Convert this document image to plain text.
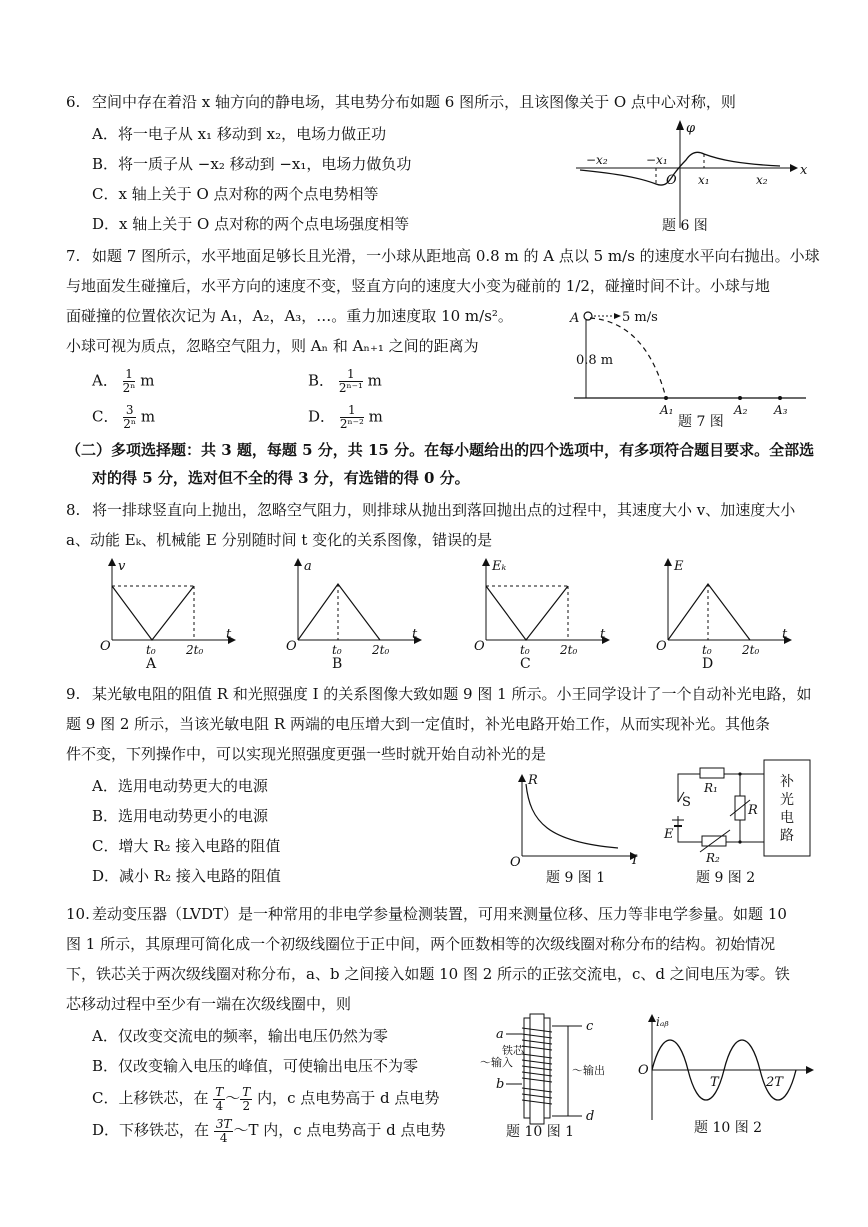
6. 空间中存在着沿 x 轴方向的静电场，其电势分布如题 6 图所示，且该图像关于 O 点中心对称，则
A．将一电子从 x₁ 移动到 x₂，电场力做正功
B．将一质子从 −x₂ 移动到 −x₁，电场力做负功
C．x 轴上关于 O 点对称的两个点电势相等
D．x 轴上关于 O 点对称的两个点电场强度相等
φ
x
O x₁	x₂
−x₁
−x₂
题 6 图
7. 如题 7 图所示，水平地面足够长且光滑，一小球从距地高 0.8 m 的 A 点以 5 m/s 的速度水平向右抛出。小球
与地面发生碰撞后，水平方向的速度不变，竖直方向的速度大小变为碰前的 1/2，碰撞时间不计。小球与地
面碰撞的位置依次记为 A₁，A₂，A₃，…。重力加速度取 10 m/s²。
小球可视为质点，忽略空气阻力，则 Aₙ 和 Aₙ₊₁ 之间的距离为
A． $\frac{1}{\text{2ⁿ}}$ m	B． $\frac{1}{\text{2ⁿ⁻¹}}$ m
C． $\frac{3}{\text{2ⁿ}}$ m	D． $\frac{1}{\text{2ⁿ⁻²}}$ m
A	5 m/s
0.8 m
A₁	A₂ A₃
题 7 图
（二）多项选择题：共 3 题，每题 5 分，共 15 分。在每小题给出的四个选项中，有多项符合题目要求。全部选
对的得 5 分，选对但不全的得 3 分，有选错的得 0 分。
8. 将一排球竖直向上抛出，忽略空气阻力，则排球从抛出到落回抛出点的过程中，其速度大小 v、加速度大小
a、动能 Eₖ、机械能 E 分别随时间 t 变化的关系图像，错误的是
v
t
O	t₀	2t₀
A
a
t
O	t₀	2t₀
B
Eₖ
t
O	t₀	2t₀
C
E
t
O	t₀	2t₀
D
9. 某光敏电阻的阻值 R 和光照强度 I 的关系图像大致如题 9 图 1 所示。小王同学设计了一个自动补光电路，如
题 9 图 2 所示，当该光敏电阻 R 两端的电压增大到一定值时，补光电路开始工作，从而实现补光。其他条
件不变，下列操作中，可以实现光照强度更强一些时就开始自动补光的是
A．选用电动势更大的电源
B．选用电动势更小的电源
C．增大 R₂ 接入电路的阻值
D．减小 R₂ 接入电路的阻值
R
I
O
题 9 图 1
补
光
电
路
S
E
R₁
R₂
R
题 9 图 2
10. 差动变压器（LVDT）是一种常用的非电学参量检测装置，可用来测量位移、压力等非电学参量。如题 10
图 1 所示，其原理可简化成一个初级线圈位于正中间，两个匝数相等的次级线圈对称分布的结构。初始情况
下，铁芯关于两次级线圈对称分布，a、b 之间接入如题 10 图 2 所示的正弦交流电，c、d 之间电压为零。铁
芯移动过程中至少有一端在次级线圈中，则
A．仅改变交流电的频率，输出电压仍然为零
B．仅改变输入电压的峰值，可使输出电压不为零
C．上移铁芯，在 $\frac{T}{4}$ ～ $\frac{T}{2}$ 内，c 点电势高于 d 点电势
D．下移铁芯，在 $\frac{3T}{4}$ ～T 内，c 点电势高于 d 点电势
a
b
c
d
铁芯
～输入
～输出
题 10 图 1
iₐᵦ
O
T	2T
题 10 图 2
